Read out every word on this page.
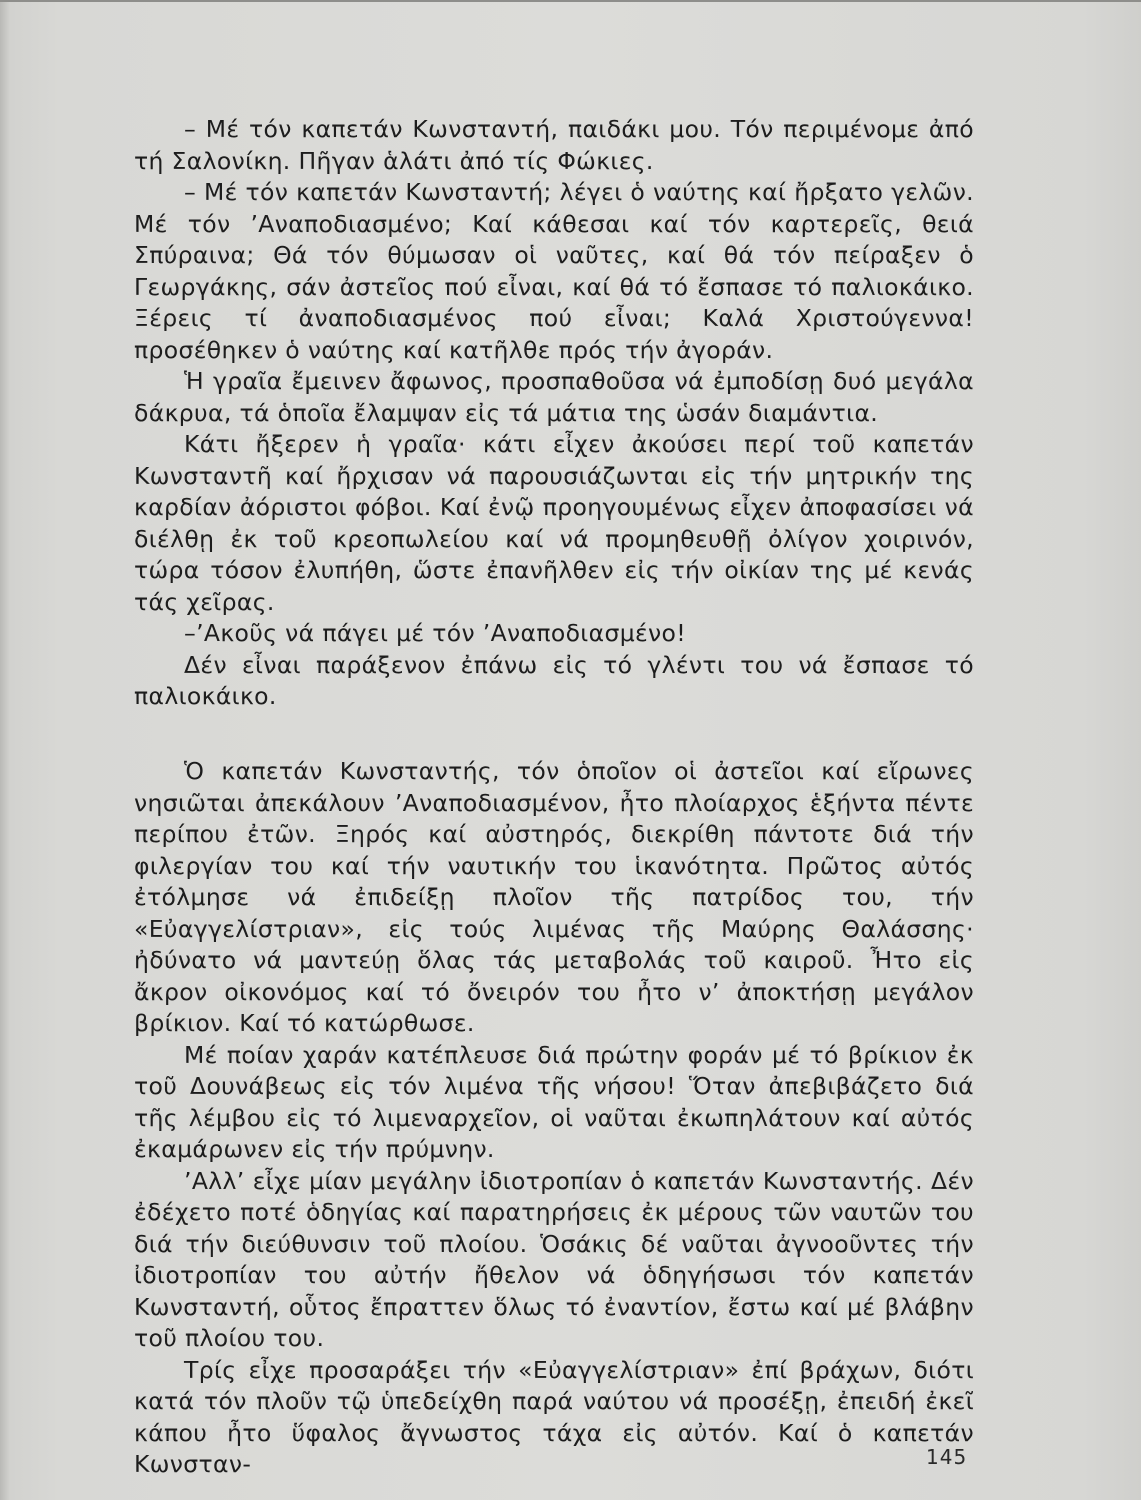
– Μέ τόν καπετάν Κωνσταντή, παιδάκι μου. Τόν περιμένομε ἀπό τή Σαλονίκη. Πῆγαν ἁλάτι ἀπό τίς Φώκιες.

– Μέ τόν καπετάν Κωνσταντή; λέγει ὁ ναύτης καί ἤρξατο γελῶν. Μέ τόν ’Αναποδιασμένο; Καί κάθεσαι καί τόν καρτερεῖς, θειά Σπύραινα; Θά τόν θύμωσαν οἱ ναῦτες, καί θά τόν πείραξεν ὁ Γεωργάκης, σάν ἀστεῖος πού εἶναι, καί θά τό ἔσπασε τό παλιοκάικο. Ξέρεις τί ἀναποδιασμένος πού εἶναι; Καλά Χριστούγεννα! προσέθηκεν ὁ ναύτης καί κατῆλθε πρός τήν ἀγοράν.

Ἡ γραῖα ἔμεινεν ἄφωνος, προσπαθοῦσα νά ἐμποδίσῃ δυό μεγάλα δάκρυα, τά ὁποῖα ἔλαμψαν εἰς τά μάτια της ὡσάν διαμάντια.

Κάτι ἤξερεν ἡ γραῖα· κάτι εἶχεν ἀκούσει περί τοῦ καπετάν Κωνσταντῆ καί ἤρχισαν νά παρουσιάζωνται εἰς τήν μητρικήν της καρδίαν ἀόριστοι φόβοι. Καί ἐνῷ προηγουμένως εἶχεν ἀποφασίσει νά διέλθῃ ἐκ τοῦ κρεοπωλείου καί νά προμηθευθῇ ὀλίγον χοιρινόν, τώρα τόσον ἐλυπήθη, ὥστε ἐπανῆλθεν εἰς τήν οἰκίαν της μέ κενάς τάς χεῖρας.

–’Ακοῦς νά πάγει μέ τόν ’Αναποδιασμένο!

Δέν εἶναι παράξενον ἐπάνω εἰς τό γλέντι του νά ἔσπασε τό παλιοκάικο.

Ὁ καπετάν Κωνσταντής, τόν ὁποῖον οἱ ἀστεῖοι καί εἴρωνες νησιῶται ἀπεκάλουν ’Αναποδιασμένον, ἦτο πλοίαρχος ἑξήντα πέντε περίπου ἐτῶν. Ξηρός καί αὐστηρός, διεκρίθη πάντοτε διά τήν φιλεργίαν του καί τήν ναυτικήν του ἱκανότητα. Πρῶτος αὐτός ἐτόλμησε νά ἐπιδείξῃ πλοῖον τῆς πατρίδος του, τήν «Εὐαγγελίστριαν», εἰς τούς λιμένας τῆς Μαύρης Θαλάσσης· ἠδύνατο νά μαντεύῃ ὅλας τάς μεταβολάς τοῦ καιροῦ. Ἦτο εἰς ἄκρον οἰκονόμος καί τό ὄνειρόν του ἦτο ν’ ἀποκτήσῃ μεγάλον βρίκιον. Καί τό κατώρθωσε.

Μέ ποίαν χαράν κατέπλευσε διά πρώτην φοράν μέ τό βρίκιον ἐκ τοῦ Δουνάβεως εἰς τόν λιμένα τῆς νήσου! Ὅταν ἀπεβιβάζετο διά τῆς λέμβου εἰς τό λιμεναρχεῖον, οἱ ναῦται ἐκωπηλάτουν καί αὐτός ἐκαμάρωνεν εἰς τήν πρύμνην.

’Αλλ’ εἶχε μίαν μεγάλην ἰδιοτροπίαν ὁ καπετάν Κωνσταντής. Δέν ἐδέχετο ποτέ ὁδηγίας καί παρατηρήσεις ἐκ μέρους τῶν ναυτῶν του διά τήν διεύθυνσιν τοῦ πλοίου. Ὁσάκις δέ ναῦται ἀγνοοῦντες τήν ἰδιοτροπίαν του αὐτήν ἤθελον νά ὁδηγήσωσι τόν καπετάν Κωνσταντή, οὗτος ἔπραττεν ὅλως τό ἐναντίον, ἔστω καί μέ βλάβην τοῦ πλοίου του.

Τρίς εἶχε προσαράξει τήν «Εὐαγγελίστριαν» ἐπί βράχων, διότι κατά τόν πλοῦν τῷ ὑπεδείχθη παρά ναύτου νά προσέξῃ, ἐπειδή ἐκεῖ κάπου ἦτο ὕφαλος ἄγνωστος τάχα εἰς αὐτόν. Καί ὁ καπετάν Κωνσταν-	145
